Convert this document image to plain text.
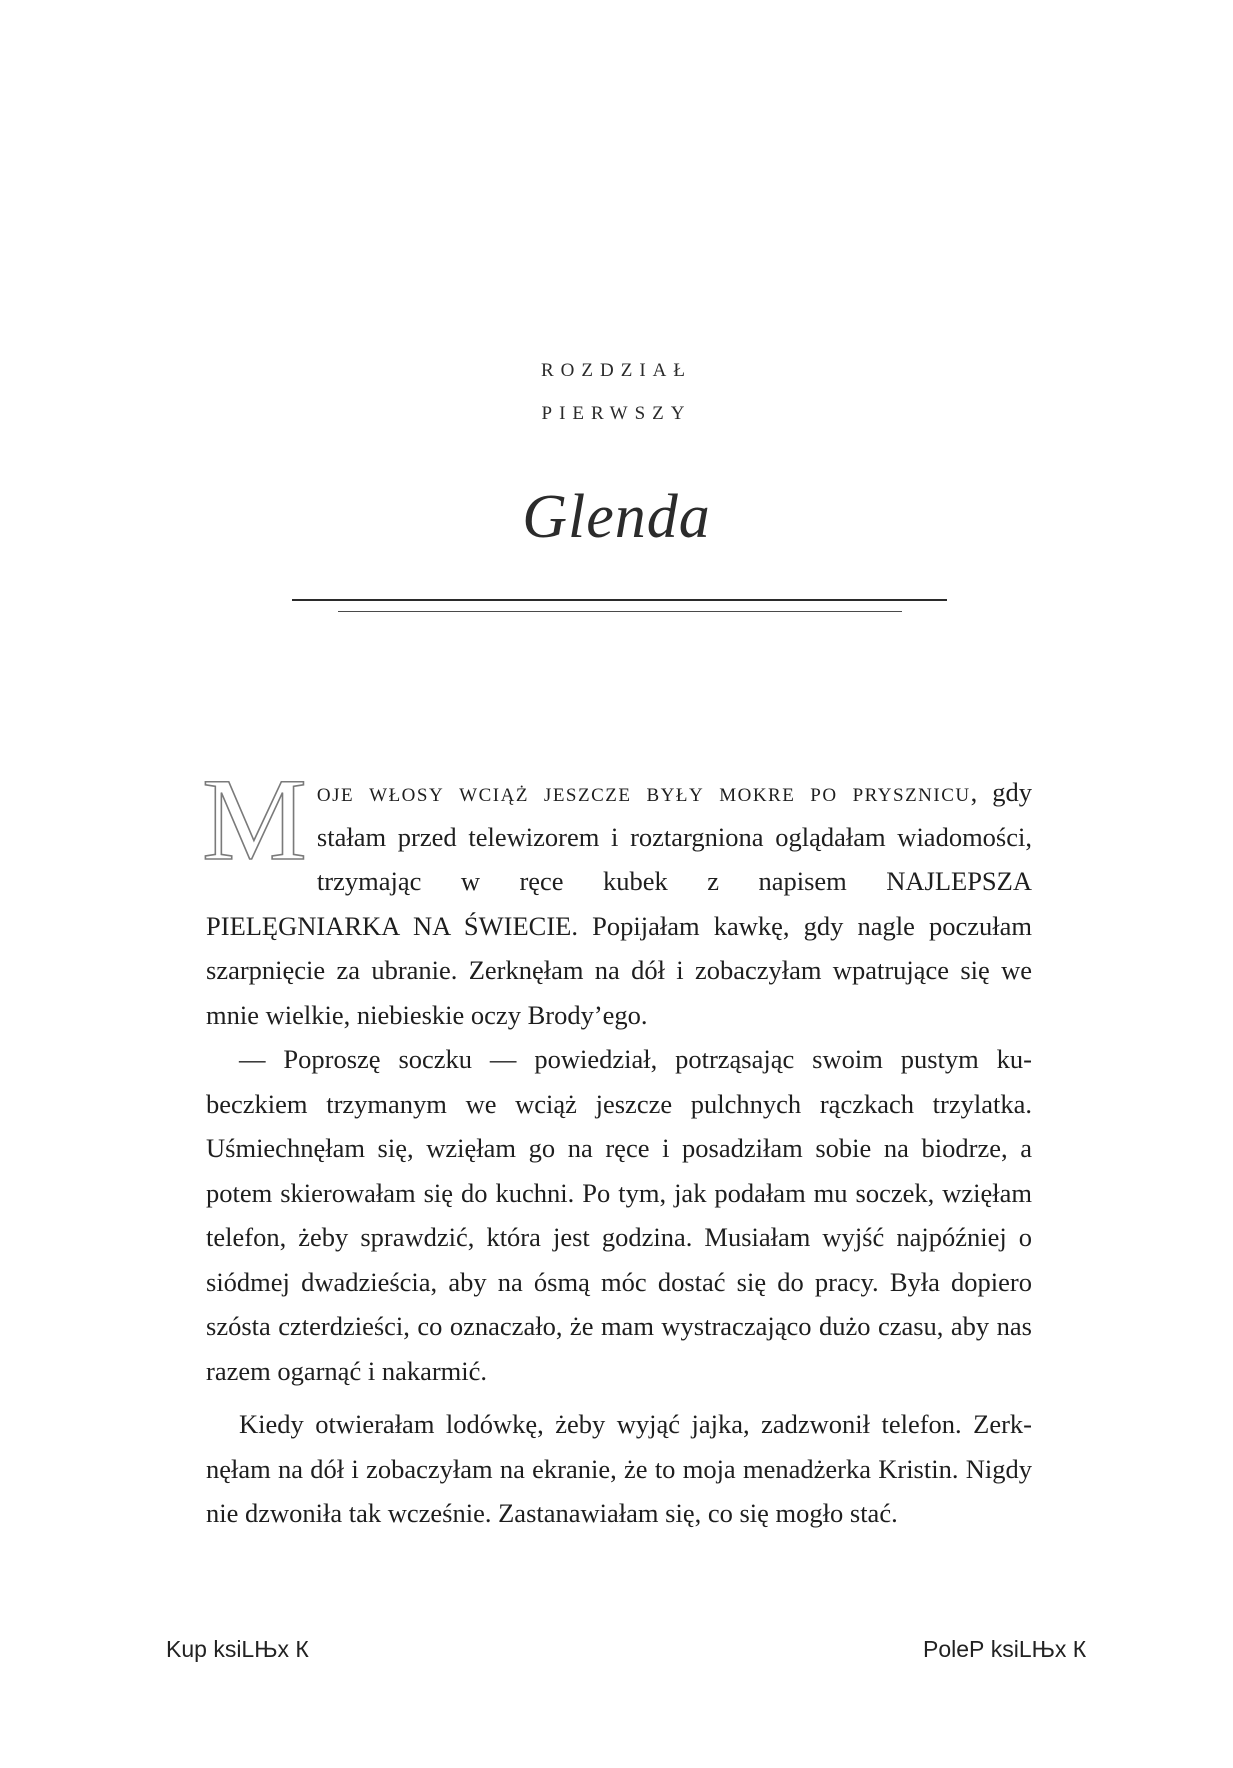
ROZDZIAŁ
PIERWSZY
Glenda

Moje włosy wciąż jeszcze były mokre po prysznicu, gdy stałam przed telewizorem i roztargniona oglądałam wiadomości, trzymając w ręce kubek z napisem NAJLEPSZA PIELĘGNIARKA NA ŚWIECIE. Popijałam kawkę, gdy nagle poczułam szarpnięcie za ubranie. Zerknęłam na dół i zobaczyłam wpatrujące się we mnie wielkie, niebieskie oczy Brody’ego.

— Poproszę soczku — powiedział, potrząsając swoim pustym kubeczkiem trzymanym we wciąż jeszcze pulchnych rączkach trzylatka. Uśmiechnęłam się, wzięłam go na ręce i posadziłam sobie na biodrze, a potem skierowałam się do kuchni. Po tym, jak podałam mu soczek, wzięłam telefon, żeby sprawdzić, która jest godzina. Musiałam wyjść najpóźniej o siódmej dwadzieścia, aby na ósmą móc dostać się do pracy. Była dopiero szósta czterdzieści, co oznaczało, że mam wystraczająco dużo czasu, aby nas razem ogarnąć i nakarmić.

Kiedy otwierałam lodówkę, żeby wyjąć jajka, zadzwonił telefon. Zerknęłam na dół i zobaczyłam na ekranie, że to moja menadżerka Kristin. Nigdy nie dzwoniła tak wcześnie. Zastanawiałam się, co się mogło stać.

Kup ksiLЊх К	PoleР ksiLЊх К
